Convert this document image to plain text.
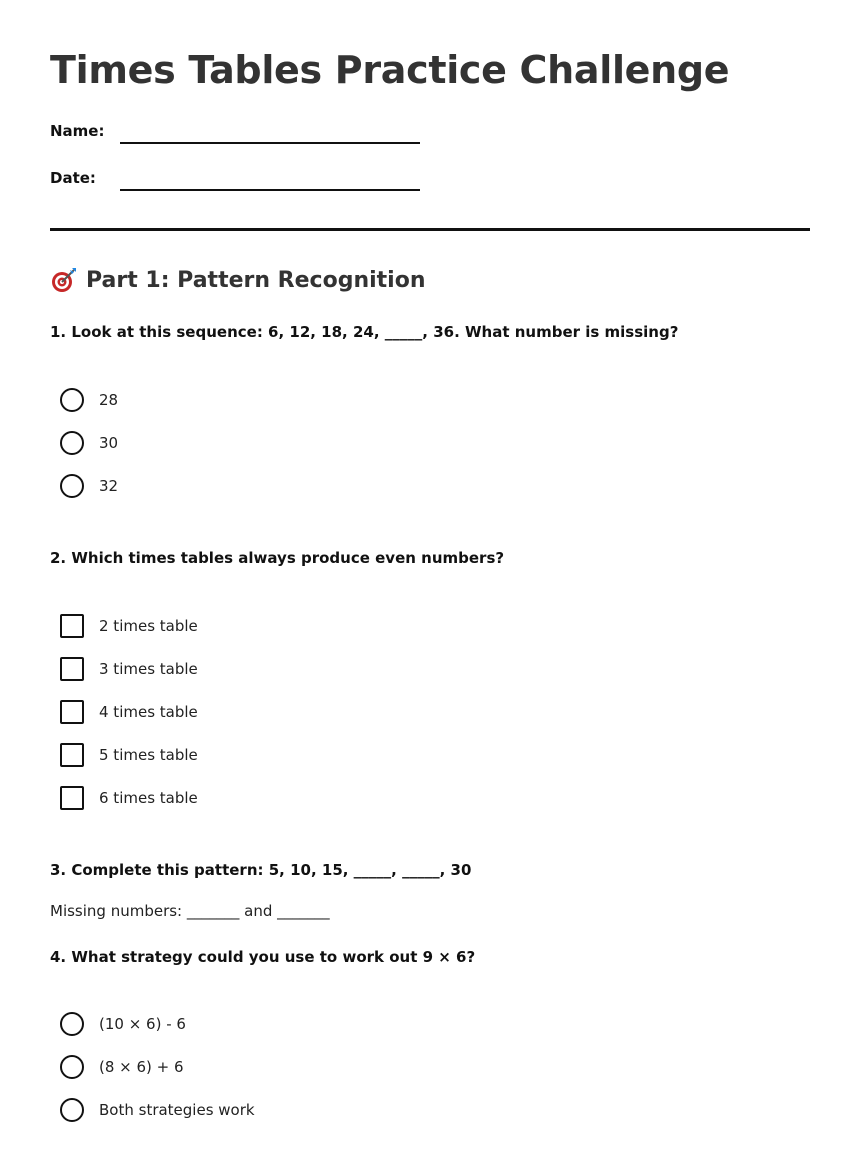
Times Tables Practice Challenge
Name:
Date:
Part 1: Pattern Recognition

1. Look at this sequence: 6, 12, 18, 24, _____, 36. What number is missing?

28
30
32

2. Which times tables always produce even numbers?

2 times table
3 times table
4 times table
5 times table
6 times table

3. Complete this pattern: 5, 10, 15, _____, _____, 30

Missing numbers: _______ and _______

4. What strategy could you use to work out 9 × 6?

(10 × 6) - 6
(8 × 6) + 6
Both strategies work
